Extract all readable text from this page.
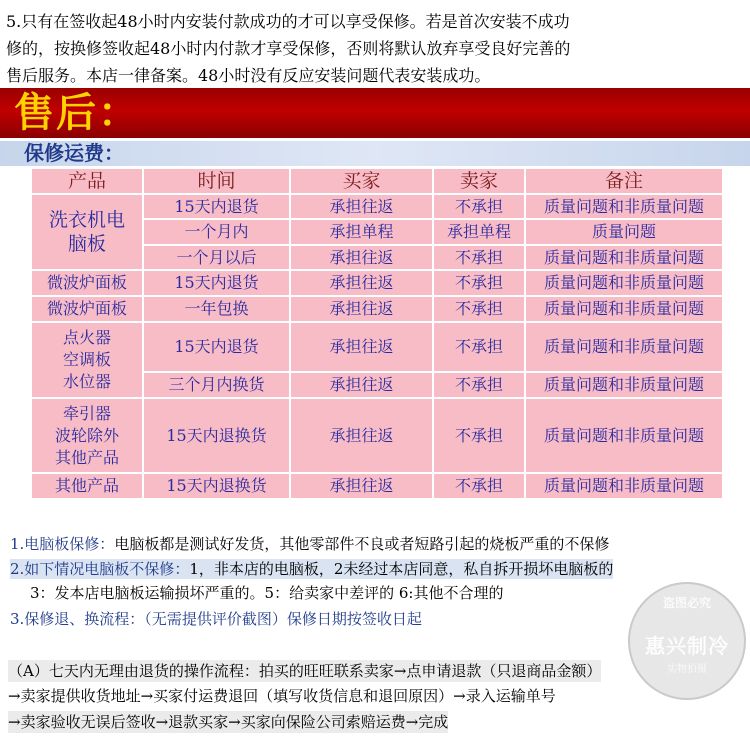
5.只有在签收起48小时内安装付款成功的才可以享受保修。若是首次安装不成功
修的，按换修签收起48小时内付款才享受保修，否则将默认放弃享受良好完善的
售后服务。本店一律备案。48小时没有反应安装问题代表安装成功。
售后：
保修运费：
产品	时间	买家	卖家	备注
洗衣机电
脑板	15天内退货	承担往返	不承担	质量问题和非质量问题
	一个月内	承担单程	承担单程	质量问题
	一个月以后	承担往返	不承担	质量问题和非质量问题
微波炉面板	15天内退货	承担往返	不承担	质量问题和非质量问题
微波炉面板	一年包换	承担往返	不承担	质量问题和非质量问题
点火器
空调板
水位器	15天内退货	承担往返	不承担	质量问题和非质量问题
	三个月内换货	承担往返	不承担	质量问题和非质量问题
牵引器
波轮除外
其他产品	15天内退换货	承担往返	不承担	质量问题和非质量问题
其他产品	15天内退换货	承担往返	不承担	质量问题和非质量问题
1.电脑板保修：电脑板都是测试好发货，其他零部件不良或者短路引起的烧板严重的不保修
2.如下情况电脑板不保修：1，非本店的电脑板，2未经过本店同意，私自拆开损坏电脑板的
3：发本店电脑板运输损坏严重的。5：给卖家中差评的 6:其他不合理的
3.保修退、换流程：（无需提供评价截图）保修日期按签收日起
（A）七天内无理由退货的操作流程：拍买的旺旺联系卖家→点申请退款（只退商品金额）
→卖家提供收货地址→买家付运费退回（填写收货信息和退回原因）→录入运输单号
→卖家验收无误后签收→退款买家→买家向保险公司索赔运费→完成
盗图必究
惠兴制冷
实物拍摄
